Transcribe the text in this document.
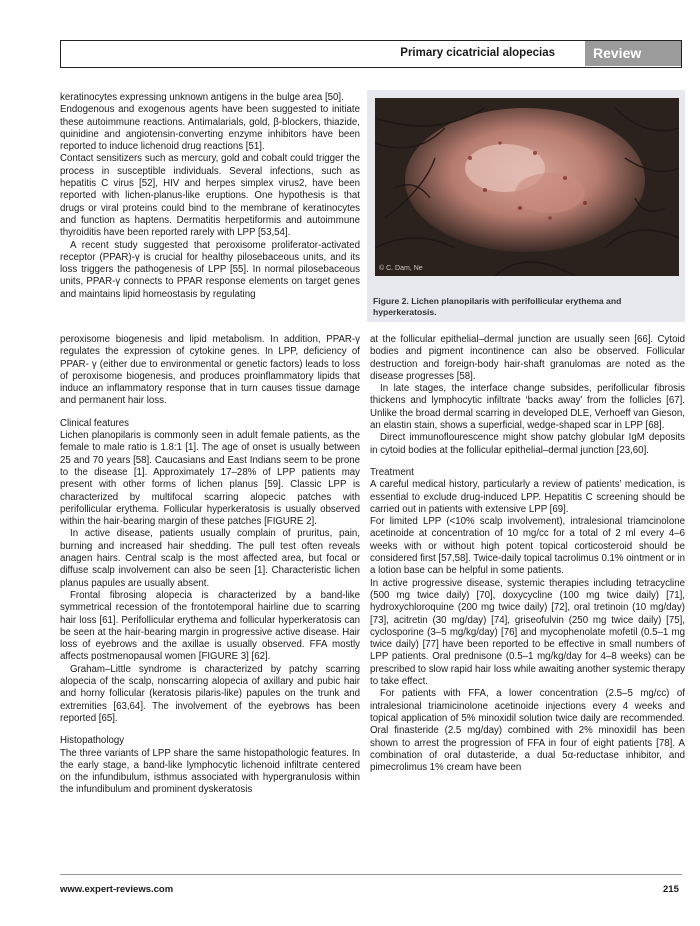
Primary cicatricial alopecias	Review
© C. Dam, Ne
Figure 2. Lichen planopilaris with perifollicular erythema and hyperkeratosis.

keratinocytes expressing unknown antigens in the bulge area [50].

Endogenous and exogenous agents have been suggested to initiate these autoimmune reactions. Antimalarials, gold, β-blockers, thiazide, quinidine and angiotensin-converting enzyme inhibitors have been reported to induce lichenoid drug reactions [51].

Contact sensitizers such as mercury, gold and cobalt could trigger the process in susceptible individuals. Several infections, such as hepatitis C virus [52], HIV and herpes simplex virus2, have been reported with lichen-planus-like eruptions. One hypothesis is that drugs or viral proteins could bind to the membrane of keratinocytes and function as haptens. Dermatitis herpetiformis and autoimmune thyroiditis have been reported rarely with LPP [53,54].

A recent study suggested that peroxisome proliferator-activated receptor (PPAR)-γ is crucial for healthy pilosebaceous units, and its loss triggers the pathogenesis of LPP [55]. In normal pilosebaceous units, PPAR-γ connects to PPAR response elements on target genes and maintains lipid homeostasis by regulating

peroxisome biogenesis and lipid metabolism. In addition, PPAR-γ regulates the expression of cytokine genes. In LPP, deficiency of PPAR- γ (either due to environmental or genetic factors) leads to loss of peroxisome biogenesis, and produces proinflammatory lipids that induce an inflammatory response that in turn causes tissue damage and permanent hair loss.

Clinical features

Lichen planopilaris is commonly seen in adult female patients, as the female to male ratio is 1.8:1 [1]. The age of onset is usually between 25 and 70 years [58]. Caucasians and East Indians seem to be prone to the disease [1]. Approximately 17–28% of LPP patients may present with other forms of lichen planus [59]. Classic LPP is characterized by multifocal scarring alopecic patches with perifollicular erythema. Follicular hyperkeratosis is usually observed within the hair-bearing margin of these patches [FIGURE 2].

In active disease, patients usually complain of pruritus, pain, burning and increased hair shedding. The pull test often reveals anagen hairs. Central scalp is the most affected area, but focal or diffuse scalp involvement can also be seen [1]. Characteristic lichen planus papules are usually absent.

Frontal fibrosing alopecia is characterized by a band-like symmetrical recession of the frontotemporal hairline due to scarring hair loss [61]. Perifollicular erythema and follicular hyperkeratosis can be seen at the hair-bearing margin in progressive active disease. Hair loss of eyebrows and the axillae is usually observed. FFA mostly affects postmenopausal women [FIGURE 3] [62].

Graham–Little syndrome is characterized by patchy scarring alopecia of the scalp, nonscarring alopecia of axillary and pubic hair and horny follicular (keratosis pilaris-like) papules on the trunk and extremities [63,64]. The involvement of the eyebrows has been reported [65].

Histopathology

The three variants of LPP share the same histopathologic features. In the early stage, a band-like lymphocytic lichenoid infiltrate centered on the infundibulum, isthmus associated with hypergranulosis within the infundibulum and prominent dyskeratosis

at the follicular epithelial–dermal junction are usually seen [66]. Cytoid bodies and pigment incontinence can also be observed. Follicular destruction and foreign-body hair-shaft granulomas are noted as the disease progresses [58].

In late stages, the interface change subsides, perifollicular fibrosis thickens and lymphocytic infiltrate ‘backs away’ from the follicles [67]. Unlike the broad dermal scarring in developed DLE, Verhoeff van Gieson, an elastin stain, shows a superficial, wedge-shaped scar in LPP [68].

Direct immunoflourescence might show patchy globular IgM deposits in cytoid bodies at the follicular epithelial–dermal junction [23,60].

Treatment

A careful medical history, particularly a review of patients’ medication, is essential to exclude drug-induced LPP. Hepatitis C screening should be carried out in patients with extensive LPP [69].

For limited LPP (<10% scalp involvement), intralesional triamcinolone acetinoide at concentration of 10 mg/cc for a total of 2 ml every 4–6 weeks with or without high potent topical corticosteroid should be considered first [57,58]. Twice-daily topical tacrolimus 0.1% ointment or in a lotion base can be helpful in some patients.

In active progressive disease, systemic therapies including tetracycline (500 mg twice daily) [70], doxycycline (100 mg twice daily) [71], hydroxychloroquine (200 mg twice daily) [72], oral tretinoin (10 mg/day) [73], acitretin (30 mg/day) [74], griseofulvin (250 mg twice daily) [75], cyclosporine (3–5 mg/kg/day) [76] and mycophenolate mofetil (0.5–1 mg twice daily) [77] have been reported to be effective in small numbers of LPP patients. Oral prednisone (0.5–1 mg/kg/day for 4–8 weeks) can be prescribed to slow rapid hair loss while awaiting another systemic therapy to take effect.

For patients with FFA, a lower concentration (2.5–5 mg/cc) of intralesional triamicinolone acetinoide injections every 4 weeks and topical application of 5% minoxidil solution twice daily are recommended. Oral finasteride (2.5 mg/day) combined with 2% minoxidil has been shown to arrest the progression of FFA in four of eight patients [78]. A combination of oral dutasteride, a dual 5α-reductase inhibitor, and pimecrolimus 1% cream have been

www.expert-reviews.com	215
